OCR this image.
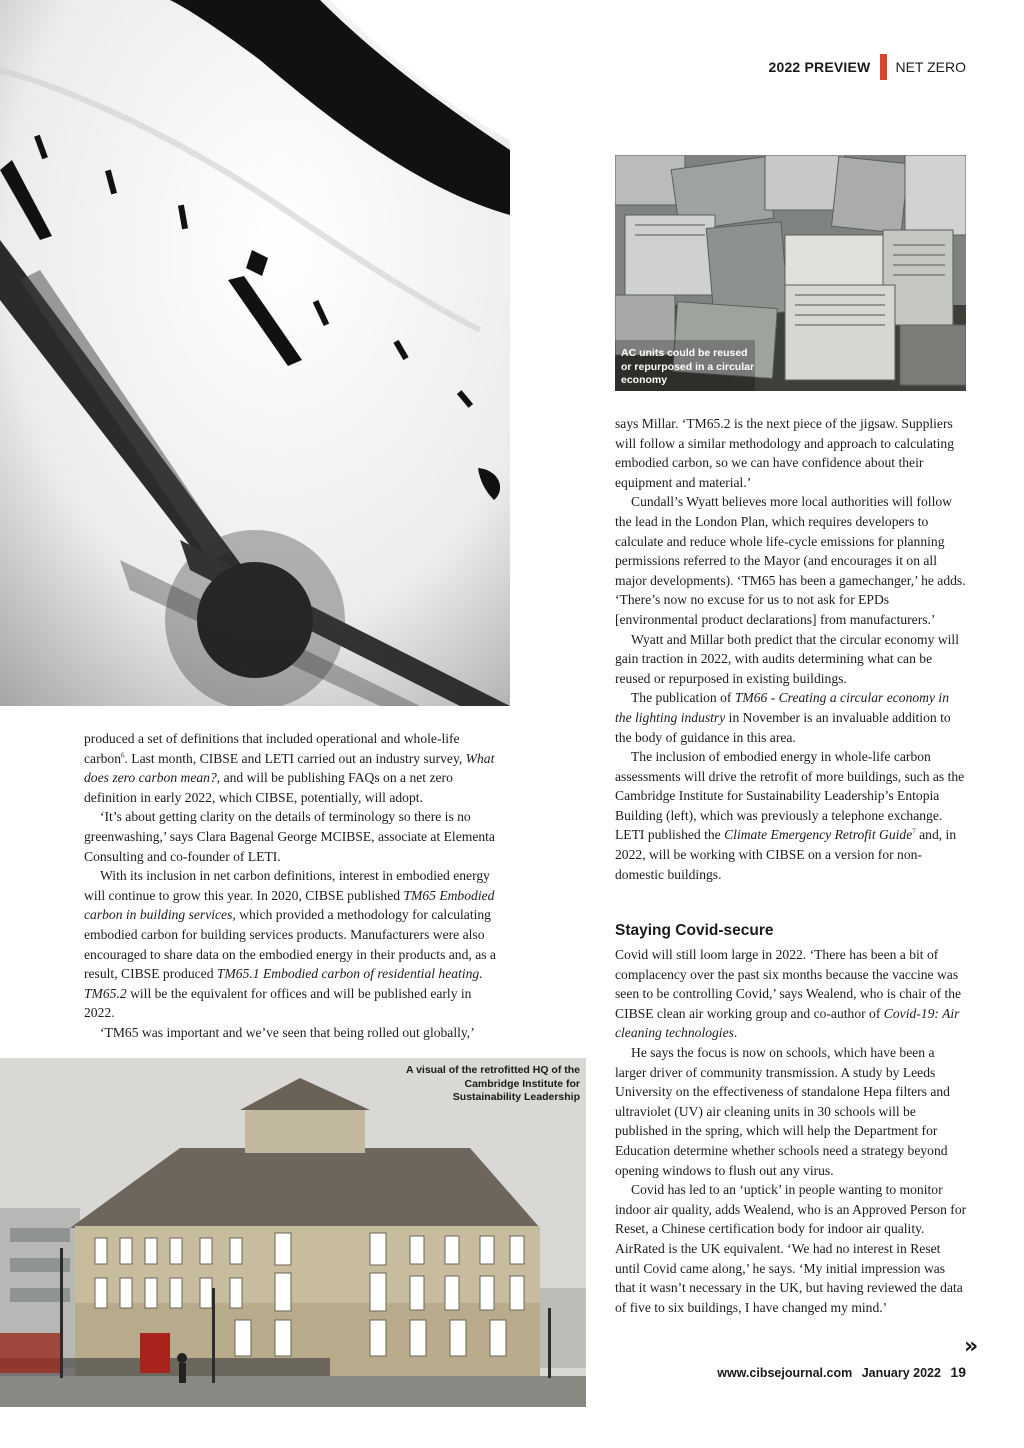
2022 PREVIEW NET ZERO
AC units could be reused or repurposed in a circular economy

produced a set of definitions that included operational and whole-life carbon$^6$. Last month, CIBSE and LETI carried out an industry survey, What does zero carbon mean?, and will be publishing FAQs on a net zero definition in early 2022, which CIBSE, potentially, will adopt.

‘It’s about getting clarity on the details of terminology so there is no greenwashing,’ says Clara Bagenal George MCIBSE, associate at Elementa Consulting and co-founder of LETI.

With its inclusion in net carbon definitions, interest in embodied energy will continue to grow this year. In 2020, CIBSE published TM65 Embodied carbon in building services, which provided a methodology for calculating embodied carbon for building services products. Manufacturers were also encouraged to share data on the embodied energy in their products and, as a result, CIBSE produced TM65.1 Embodied carbon of residential heating. TM65.2 will be the equivalent for offices and will be published early in 2022.

‘TM65 was important and we’ve seen that being rolled out globally,’

A visual of the retrofitted HQ of the Cambridge Institute for Sustainability Leadership

says Millar. ‘TM65.2 is the next piece of the jigsaw. Suppliers will follow a similar methodology and approach to calculating embodied carbon, so we can have confidence about their equipment and material.’

Cundall’s Wyatt believes more local authorities will follow the lead in the London Plan, which requires developers to calculate and reduce whole life-cycle emissions for planning permissions referred to the Mayor (and encourages it on all major developments). ‘TM65 has been a gamechanger,’ he adds. ‘There’s now no excuse for us to not ask for EPDs [environmental product declarations] from manufacturers.’

Wyatt and Millar both predict that the circular economy will gain traction in 2022, with audits determining what can be reused or repurposed in existing buildings.

The publication of TM66 - Creating a circular economy in the lighting industry in November is an invaluable addition to the body of guidance in this area.

The inclusion of embodied energy in whole-life carbon assessments will drive the retrofit of more buildings, such as the Cambridge Institute for Sustainability Leadership’s Entopia Building (left), which was previously a telephone exchange. LETI published the Climate Emergency Retrofit Guide$^7$ and, in 2022, will be working with CIBSE on a version for non-domestic buildings.

Staying Covid-secure

Covid will still loom large in 2022. ‘There has been a bit of complacency over the past six months because the vaccine was seen to be controlling Covid,’ says Wealend, who is chair of the CIBSE clean air working group and co-author of Covid-19: Air cleaning technologies.

He says the focus is now on schools, which have been a larger driver of community transmission. A study by Leeds University on the effectiveness of standalone Hepa filters and ultraviolet (UV) air cleaning units in 30 schools will be published in the spring, which will help the Department for Education determine whether schools need a strategy beyond opening windows to flush out any virus.

Covid has led to an ‘uptick’ in people wanting to monitor indoor air quality, adds Wealend, who is an Approved Person for Reset, a Chinese certification body for indoor air quality. AirRated is the UK equivalent. ‘We had no interest in Reset until Covid came along,’ he says. ‘My initial impression was that it wasn’t necessary in the UK, but having reviewed the data of five to six buildings, I have changed my mind.’

»
www.cibsejournal.com January 2022 19
